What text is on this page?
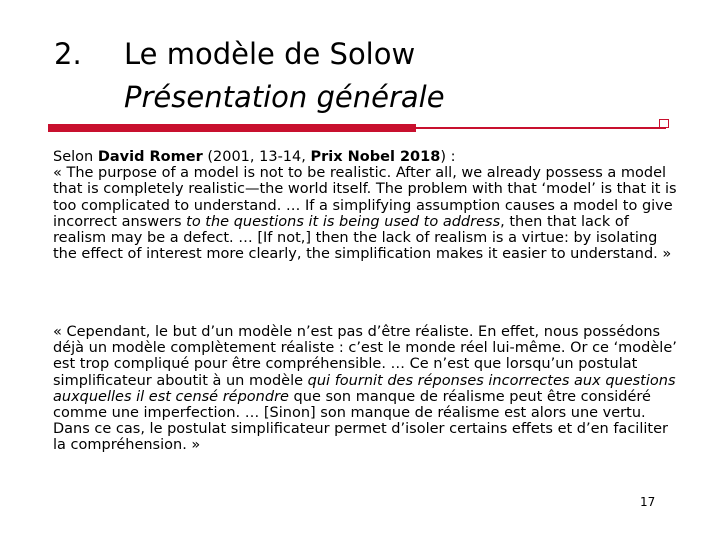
2. Le modèle de Solow
Présentation générale
Selon David Romer (2001, 13-14, Prix Nobel 2018) :
« The purpose of a model is not to be realistic. After all, we already possess a model that is completely realistic—the world itself. The problem with that ‘model’ is that it is too complicated to understand. … If a simplifying assumption causes a model to give incorrect answers to the questions it is being used to address, then that lack of realism may be a defect. … [If not,] then the lack of realism is a virtue: by isolating the effect of interest more clearly, the simplification makes it easier to understand. »
« Cependant, le but d’un modèle n’est pas d’être réaliste. En effet, nous possédons déjà un modèle complètement réaliste : c’est le monde réel lui-même. Or ce ‘modèle’ est trop compliqué pour être compréhensible. … Ce n’est que lorsqu’un postulat simplificateur aboutit à un modèle qui fournit des réponses incorrectes aux questions auxquelles il est censé répondre que son manque de réalisme peut être considéré comme une imperfection. … [Sinon] son manque de réalisme est alors une vertu. Dans ce cas, le postulat simplificateur permet d’isoler certains effets et d’en faciliter la compréhension. »
17
